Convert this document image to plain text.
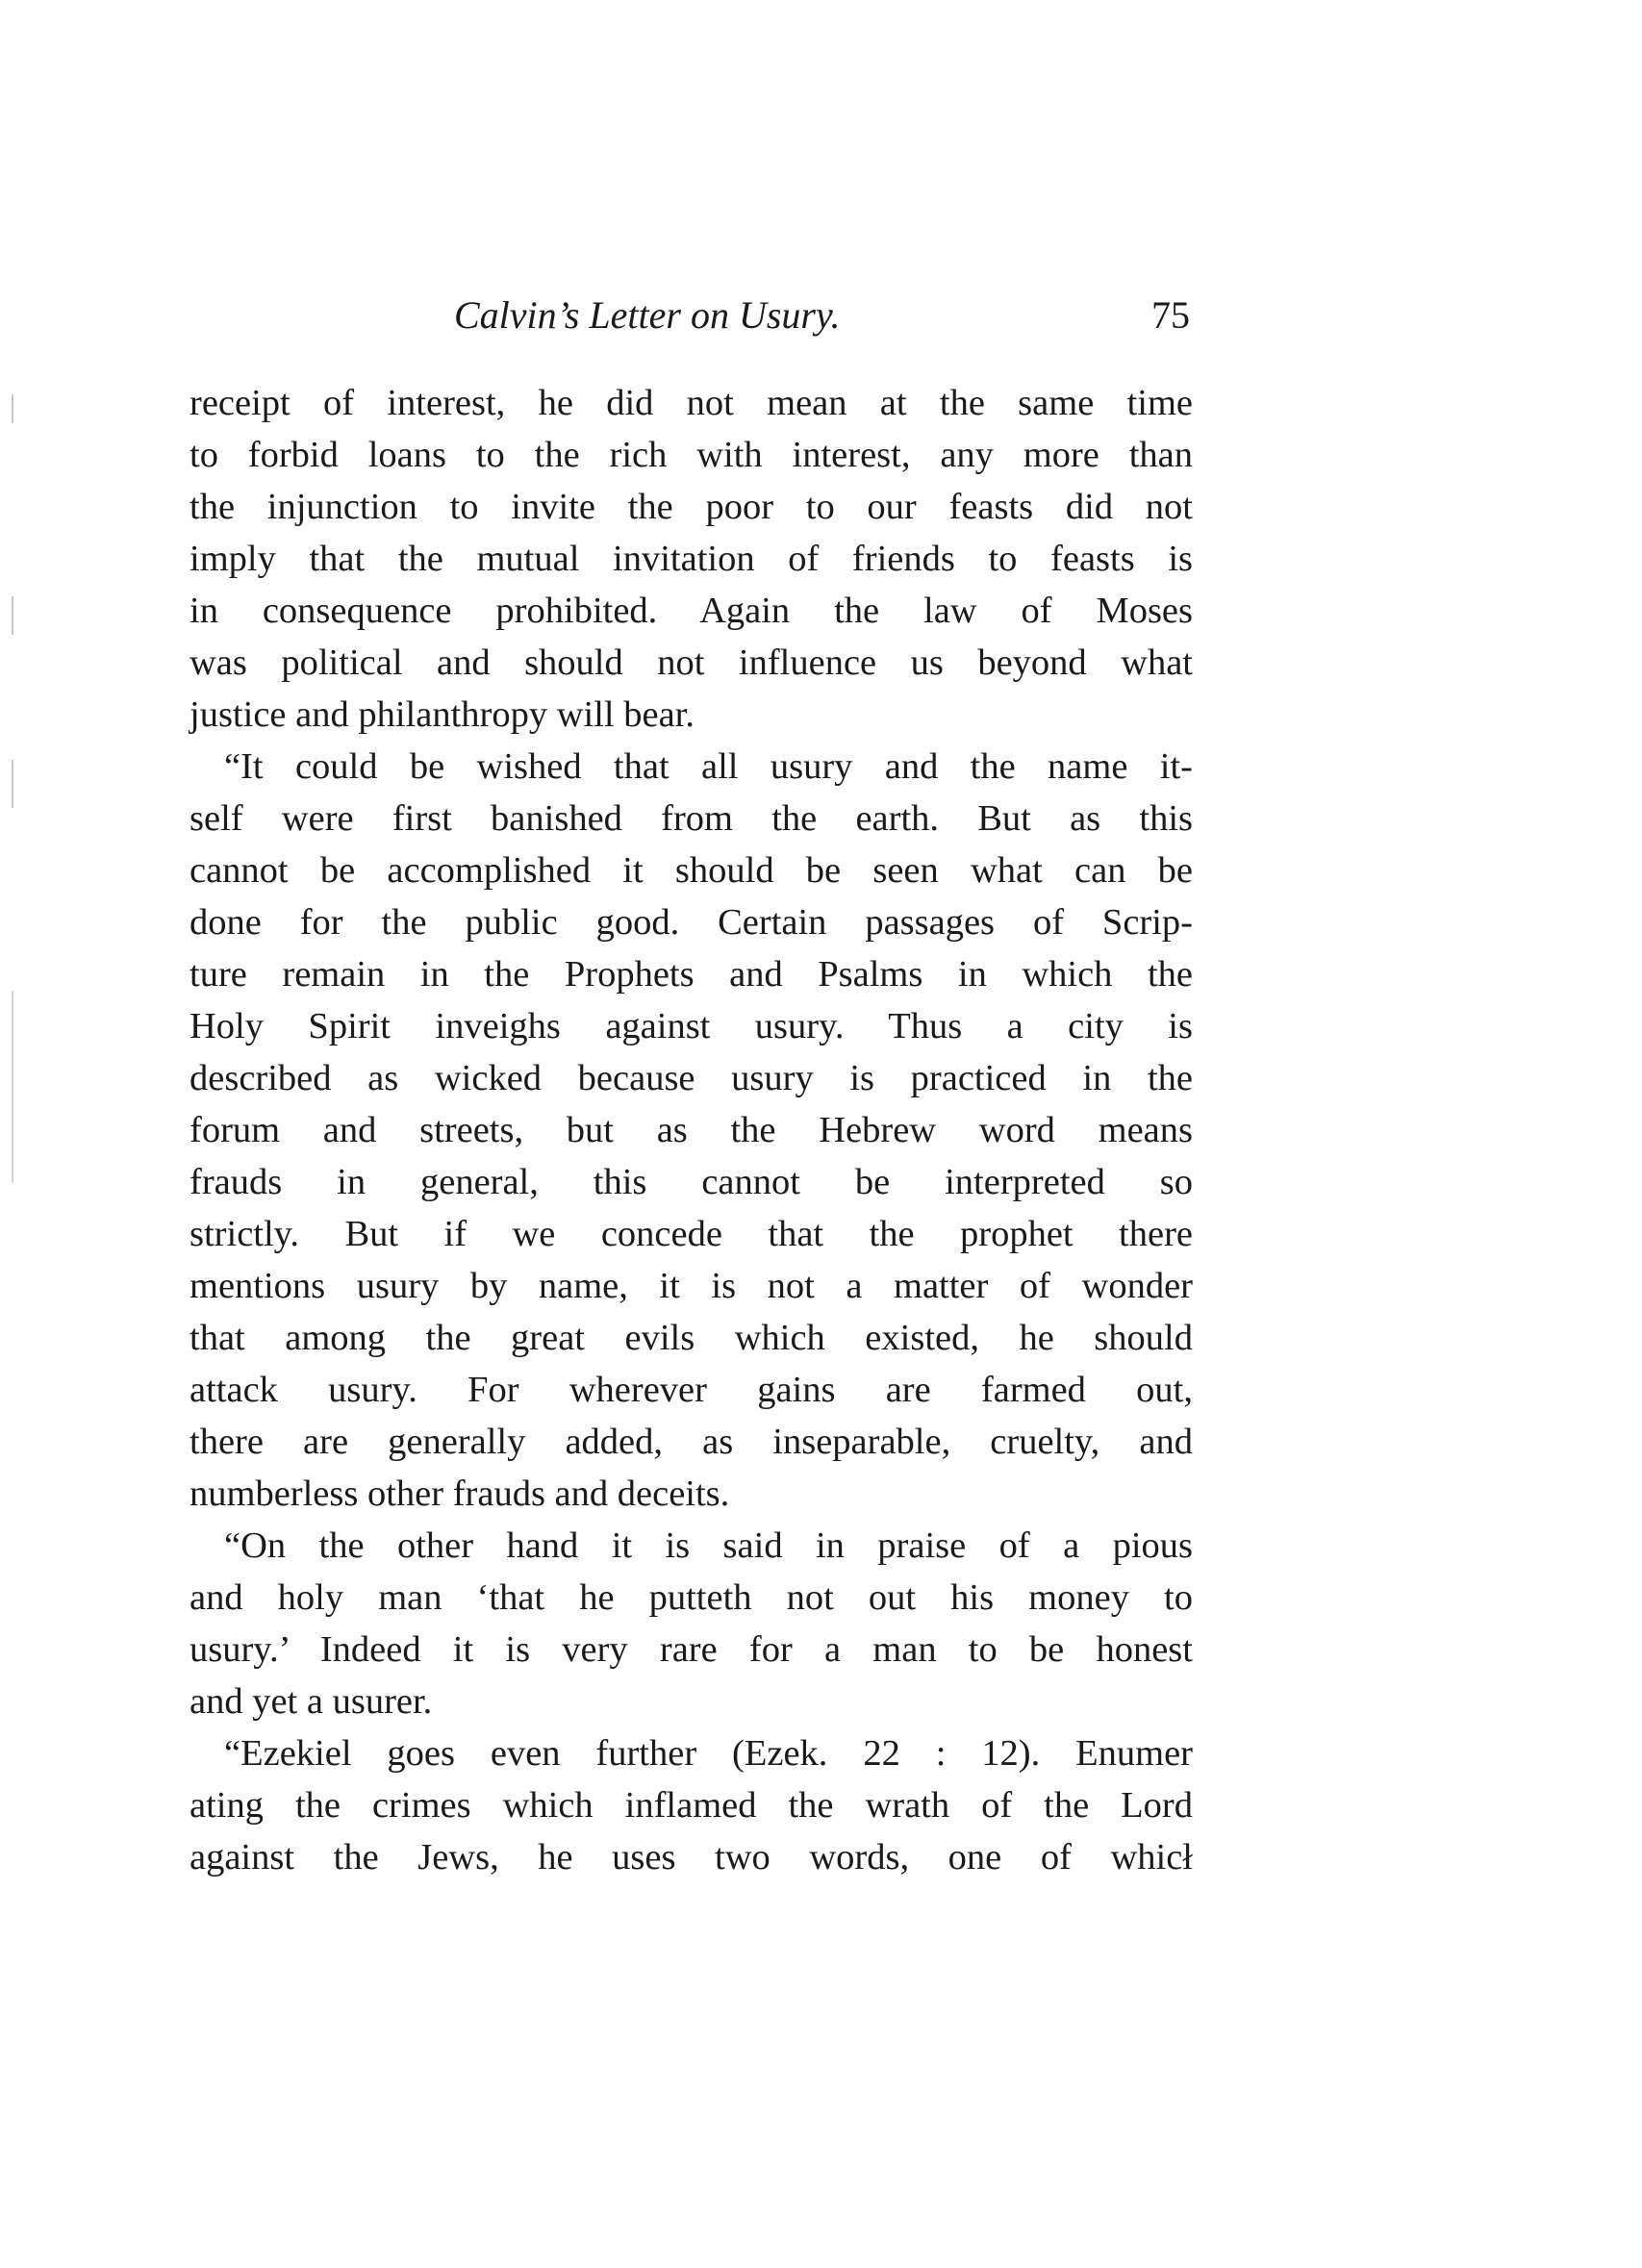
Calvin’s Letter on Usury.	75
receipt of interest, he did not mean at the same time
to forbid loans to the rich with interest, any more than
the injunction to invite the poor to our feasts did not
imply that the mutual invitation of friends to feasts is
in consequence prohibited. Again the law of Moses
was political and should not influence us beyond what
justice and philanthropy will bear.
“It could be wished that all usury and the name it-
self were first banished from the earth. But as this
cannot be accomplished it should be seen what can be
done for the public good. Certain passages of Scrip-
ture remain in the Prophets and Psalms in which the
Holy Spirit inveighs against usury. Thus a city is
described as wicked because usury is practiced in the
forum and streets, but as the Hebrew word means
frauds in general, this cannot be interpreted so
strictly. But if we concede that the prophet there
mentions usury by name, it is not a matter of wonder
that among the great evils which existed, he should
attack usury. For wherever gains are farmed out,
there are generally added, as inseparable, cruelty, and
numberless other frauds and deceits.
“On the other hand it is said in praise of a pious
and holy man ‘that he putteth not out his money to
usury.’ Indeed it is very rare for a man to be honest
and yet a usurer.
“Ezekiel goes even further (Ezek. 22 : 12). Enumer
ating the crimes which inflamed the wrath of the Lord
against the Jews, he uses two words, one of whicł
